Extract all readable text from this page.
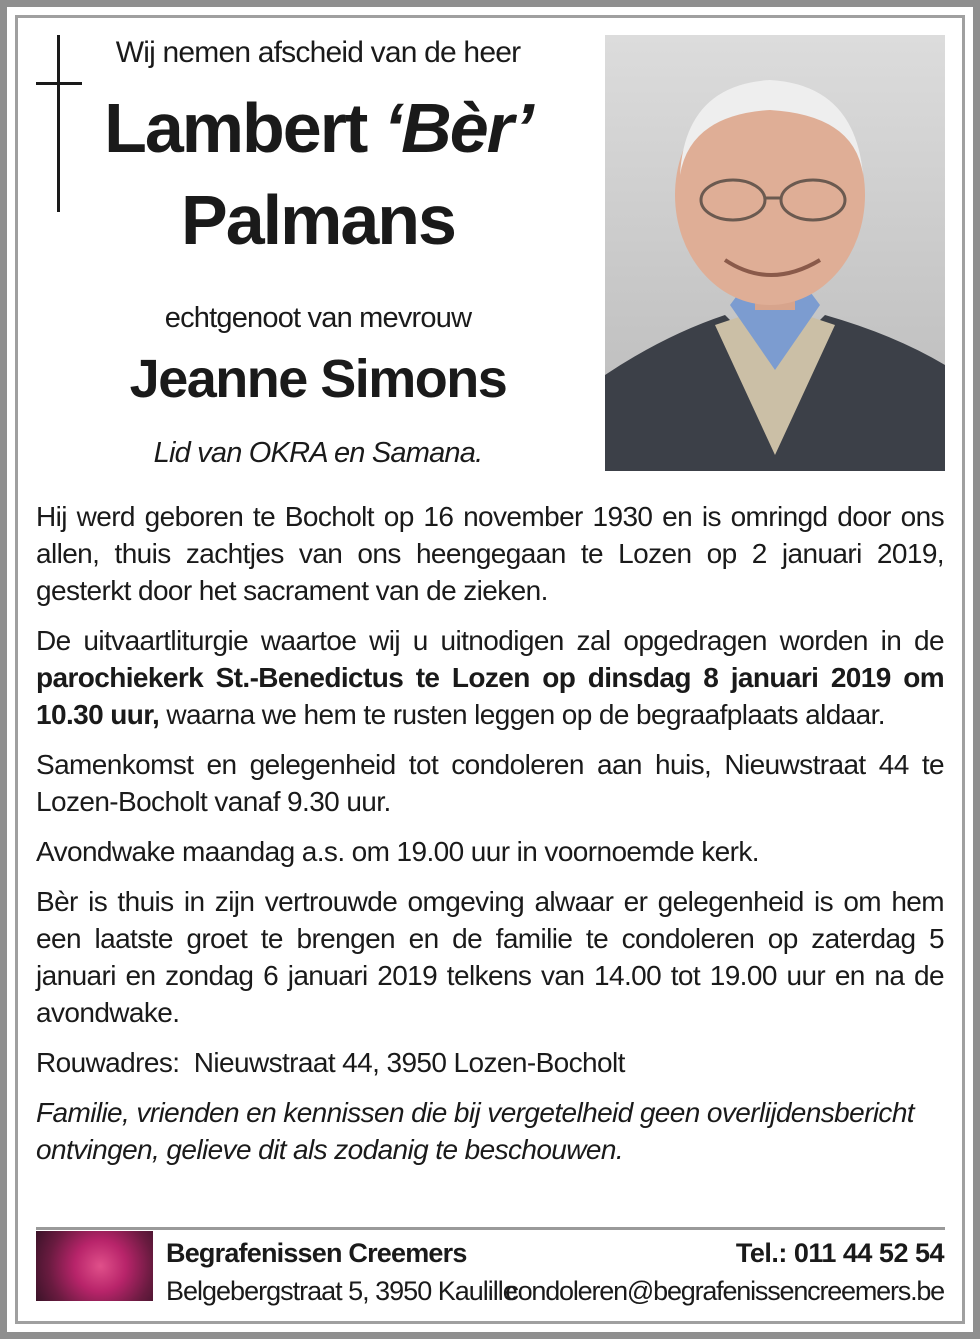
Wij nemen afscheid van de heer
Lambert ‘Bèr’
Palmans
echtgenoot van mevrouw
Jeanne Simons
Lid van OKRA en Samana.

Hij werd geboren te Bocholt op 16 november 1930 en is omringd door ons allen, thuis zachtjes van ons heengegaan te Lozen op 2 januari 2019, gesterkt door het sacrament van de zieken.

De uitvaartliturgie waartoe wij u uitnodigen zal opgedragen worden in de parochiekerk St.-Benedictus te Lozen op dinsdag 8 januari 2019 om 10.30 uur, waarna we hem te rusten leggen op de begraafplaats aldaar.

Samenkomst en gelegenheid tot condoleren aan huis, Nieuwstraat 44 te Lozen-Bocholt vanaf 9.30 uur.

Avondwake maandag a.s. om 19.00 uur in voornoemde kerk.

Bèr is thuis in zijn vertrouwde omgeving alwaar er gelegenheid is om hem een laatste groet te brengen en de familie te condoleren op zaterdag 5 januari en zondag 6 januari 2019 telkens van 14.00 tot 19.00 uur en na de avondwake.

Rouwadres:  Nieuwstraat 44, 3950 Lozen-Bocholt

Familie, vrienden en kennissen die bij vergetelheid geen overlijdensbericht ontvingen, gelieve dit als zodanig te beschouwen.

Begrafenissen Creemers	Tel.: 011 44 52 54
Belgebergstraat 5, 3950 Kaulille
condoleren@begrafenissencreemers.be
